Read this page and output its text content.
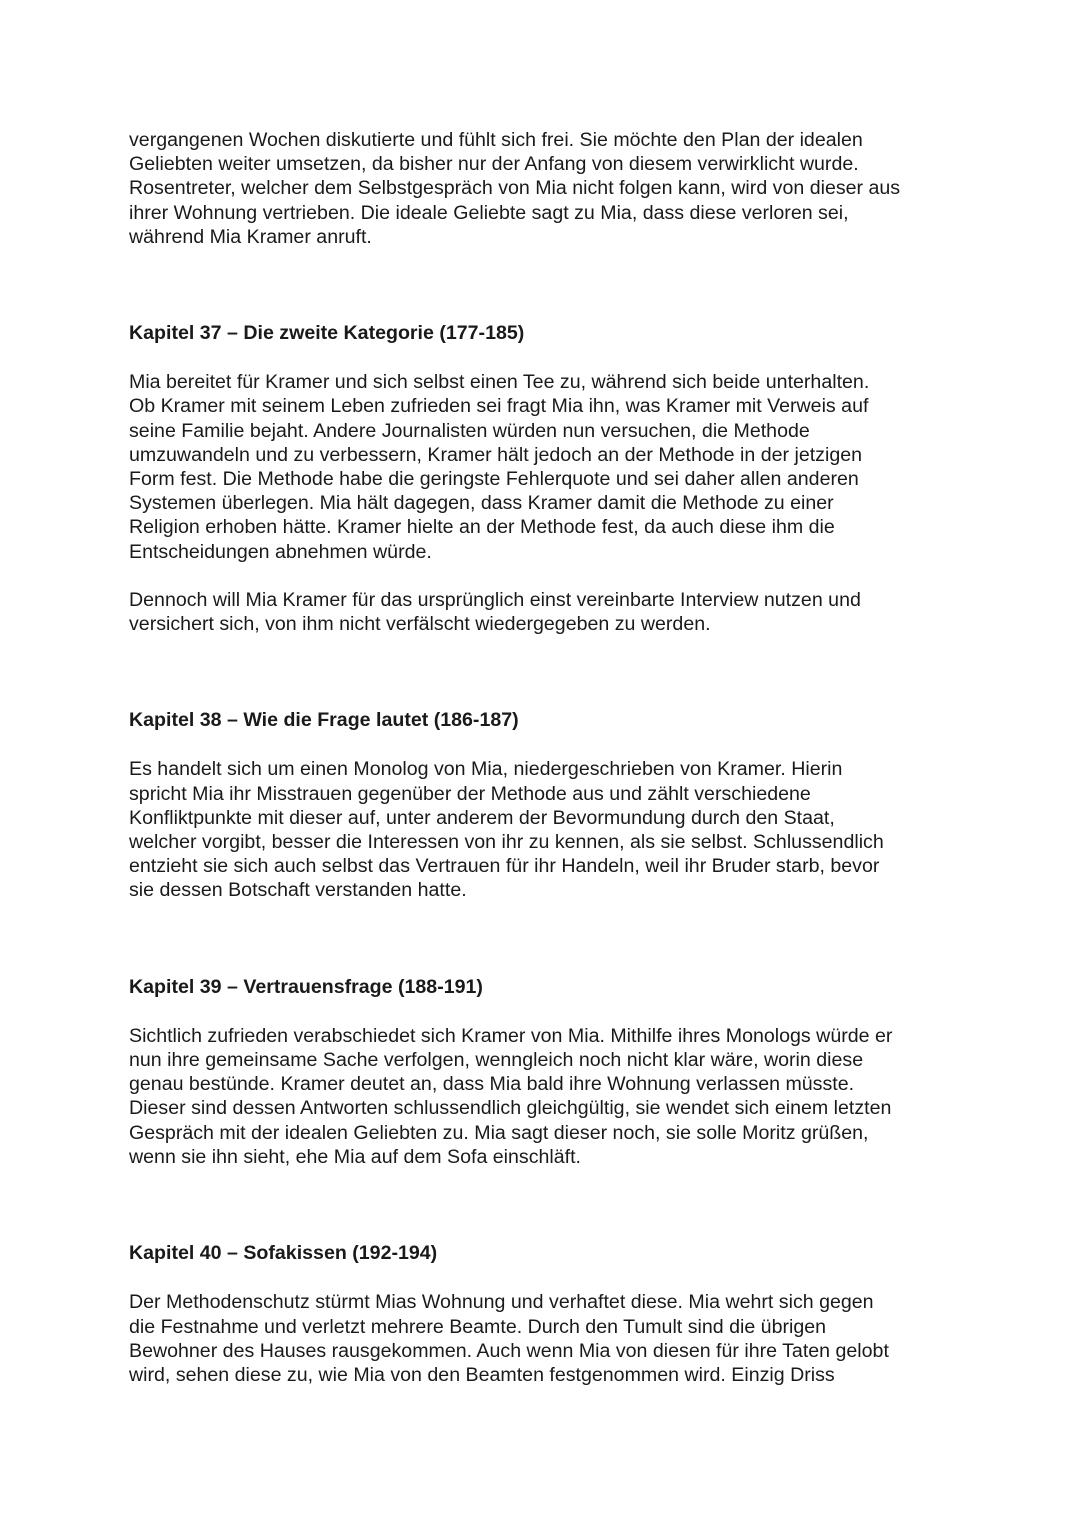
vergangenen Wochen diskutierte und fühlt sich frei. Sie möchte den Plan der idealen
Geliebten weiter umsetzen, da bisher nur der Anfang von diesem verwirklicht wurde.
Rosentreter, welcher dem Selbstgespräch von Mia nicht folgen kann, wird von dieser aus
ihrer Wohnung vertrieben. Die ideale Geliebte sagt zu Mia, dass diese verloren sei,
während Mia Kramer anruft.

Kapitel 37 – Die zweite Kategorie (177-185)

Mia bereitet für Kramer und sich selbst einen Tee zu, während sich beide unterhalten.
Ob Kramer mit seinem Leben zufrieden sei fragt Mia ihn, was Kramer mit Verweis auf
seine Familie bejaht. Andere Journalisten würden nun versuchen, die Methode
umzuwandeln und zu verbessern, Kramer hält jedoch an der Methode in der jetzigen
Form fest. Die Methode habe die geringste Fehlerquote und sei daher allen anderen
Systemen überlegen. Mia hält dagegen, dass Kramer damit die Methode zu einer
Religion erhoben hätte. Kramer hielte an der Methode fest, da auch diese ihm die
Entscheidungen abnehmen würde.

Dennoch will Mia Kramer für das ursprünglich einst vereinbarte Interview nutzen und
versichert sich, von ihm nicht verfälscht wiedergegeben zu werden.

Kapitel 38 – Wie die Frage lautet (186-187)

Es handelt sich um einen Monolog von Mia, niedergeschrieben von Kramer. Hierin
spricht Mia ihr Misstrauen gegenüber der Methode aus und zählt verschiedene
Konfliktpunkte mit dieser auf, unter anderem der Bevormundung durch den Staat,
welcher vorgibt, besser die Interessen von ihr zu kennen, als sie selbst. Schlussendlich
entzieht sie sich auch selbst das Vertrauen für ihr Handeln, weil ihr Bruder starb, bevor
sie dessen Botschaft verstanden hatte.

Kapitel 39 – Vertrauensfrage (188-191)

Sichtlich zufrieden verabschiedet sich Kramer von Mia. Mithilfe ihres Monologs würde er
nun ihre gemeinsame Sache verfolgen, wenngleich noch nicht klar wäre, worin diese
genau bestünde. Kramer deutet an, dass Mia bald ihre Wohnung verlassen müsste.
Dieser sind dessen Antworten schlussendlich gleichgültig, sie wendet sich einem letzten
Gespräch mit der idealen Geliebten zu. Mia sagt dieser noch, sie solle Moritz grüßen,
wenn sie ihn sieht, ehe Mia auf dem Sofa einschläft.

Kapitel 40 – Sofakissen (192-194)

Der Methodenschutz stürmt Mias Wohnung und verhaftet diese. Mia wehrt sich gegen
die Festnahme und verletzt mehrere Beamte. Durch den Tumult sind die übrigen
Bewohner des Hauses rausgekommen. Auch wenn Mia von diesen für ihre Taten gelobt
wird, sehen diese zu, wie Mia von den Beamten festgenommen wird. Einzig Driss
